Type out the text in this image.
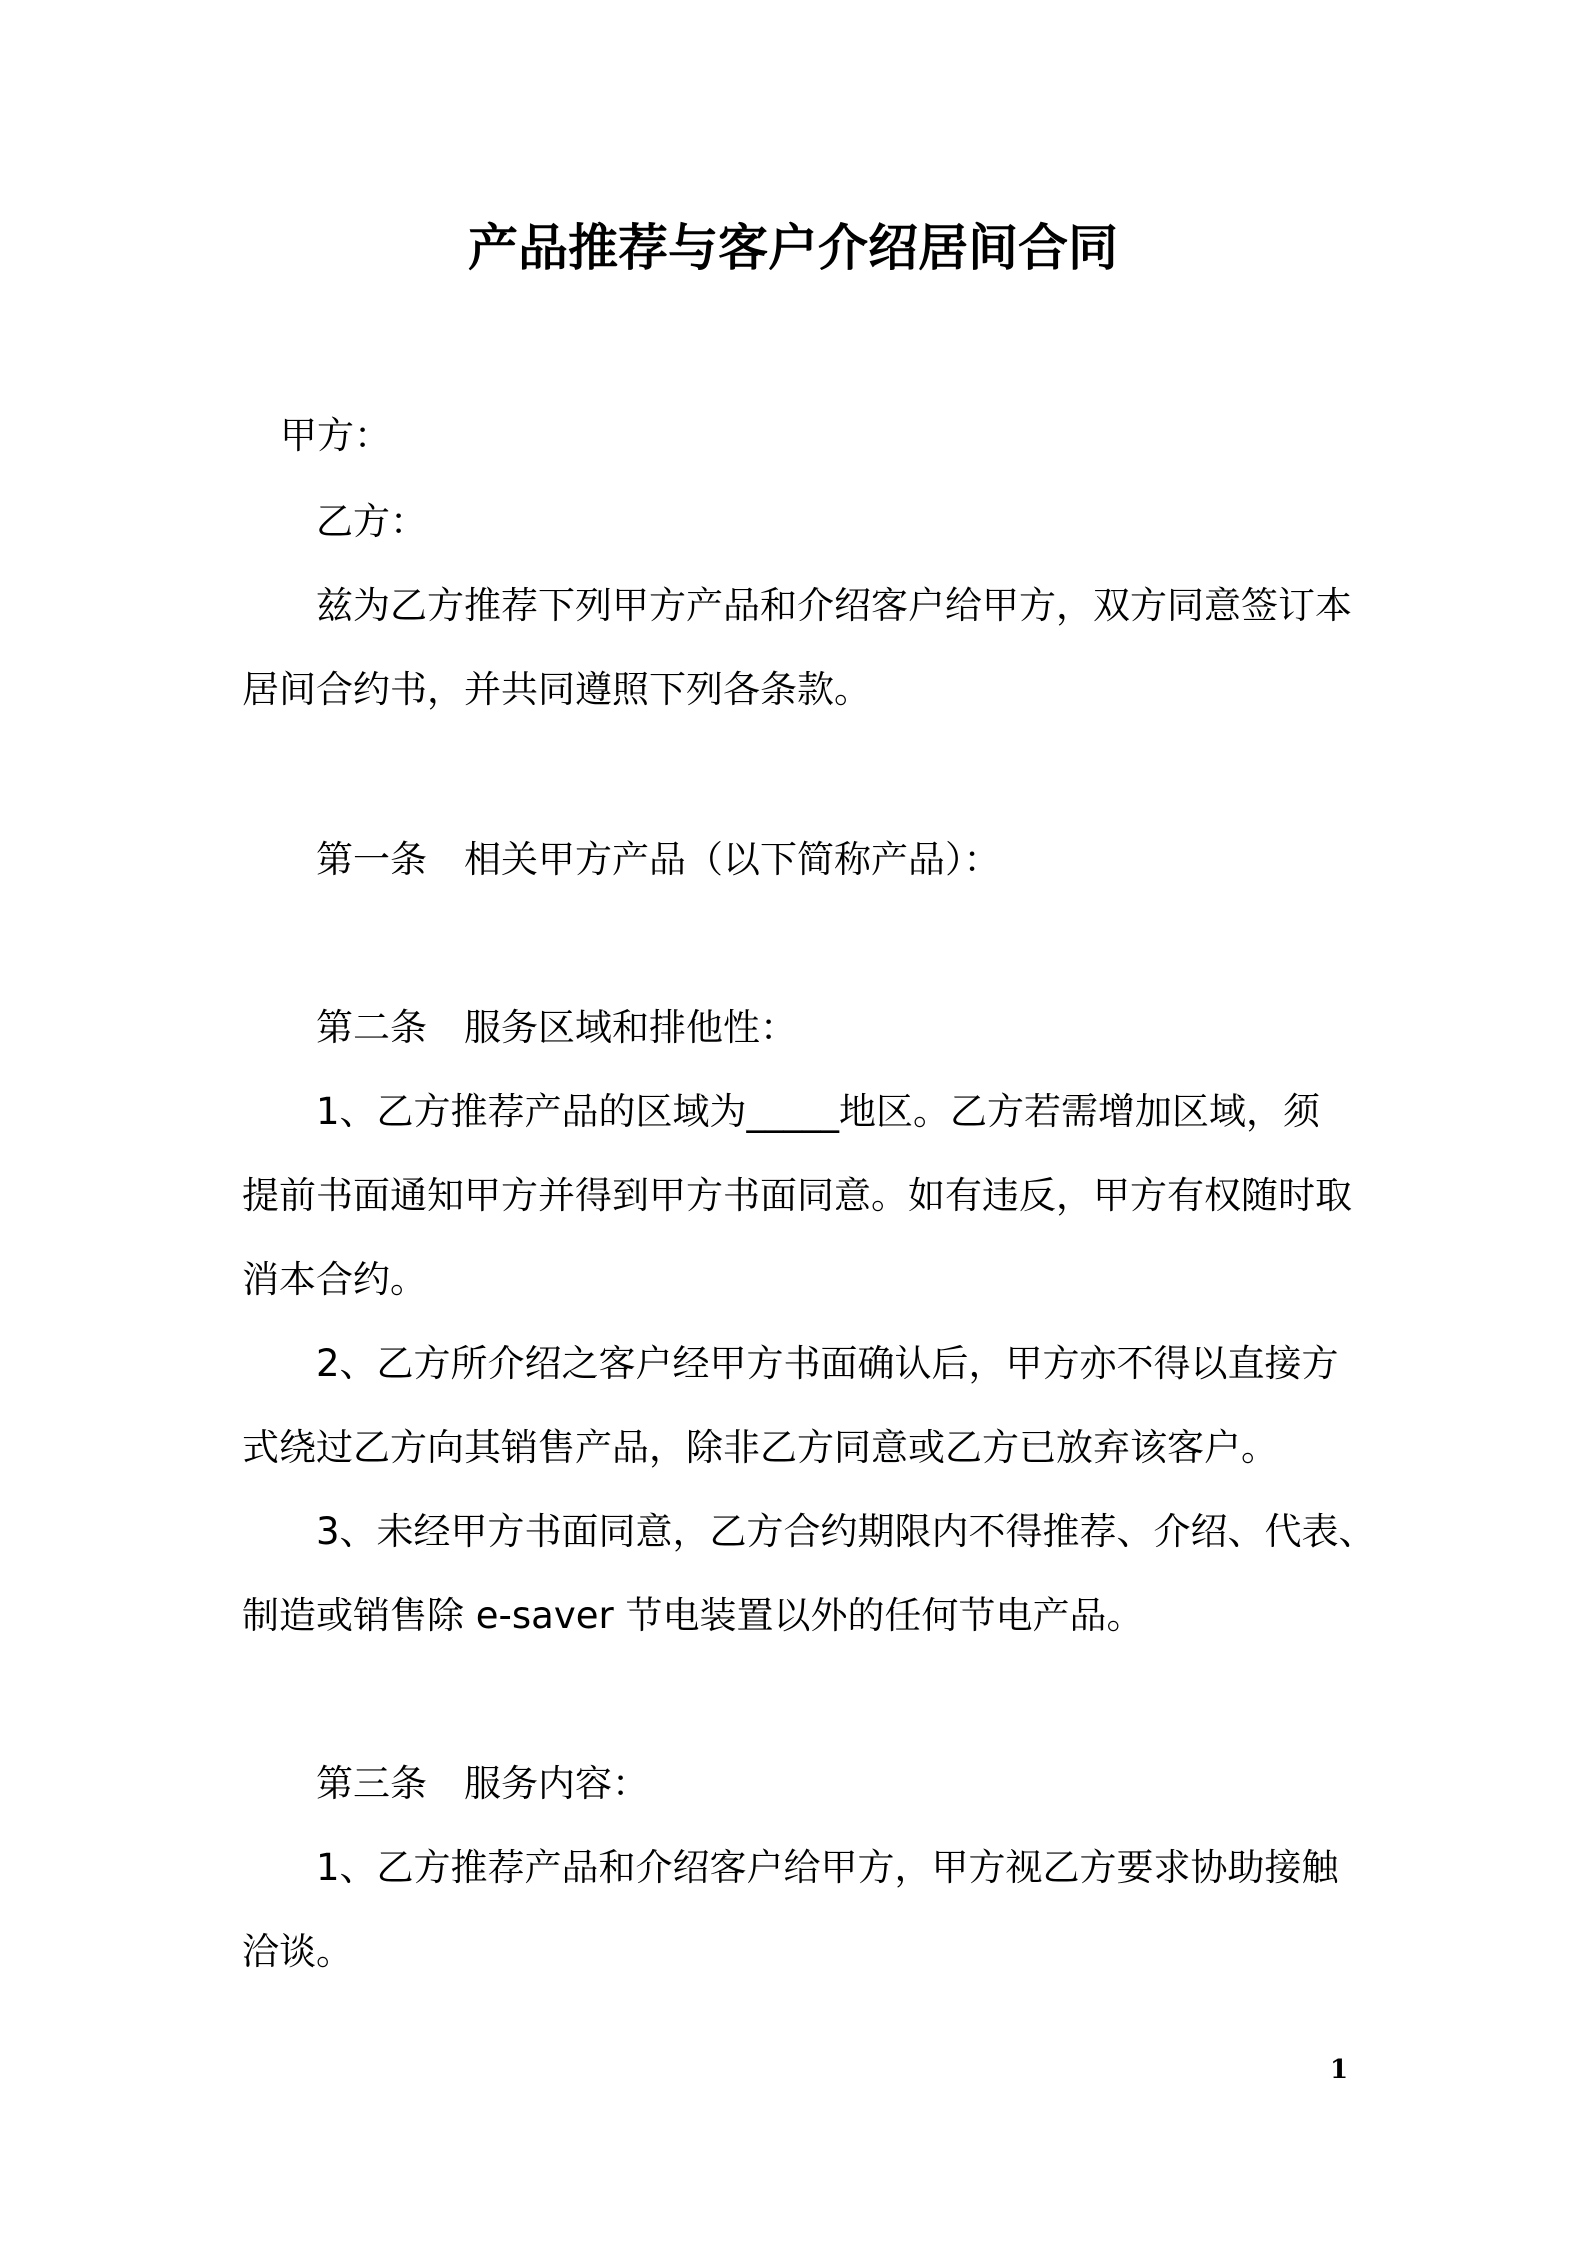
产品推荐与客户介绍居间合同
甲方：
乙方：
兹为乙方推荐下列甲方产品和介绍客户给甲方，双方同意签订本
居间合约书，并共同遵照下列各条款。
第一条　相关甲方产品（以下简称产品）：
第二条　服务区域和排他性：
1、乙方推荐产品的区域为_____地区。乙方若需增加区域，须
提前书面通知甲方并得到甲方书面同意。如有违反，甲方有权随时取
消本合约。
2、乙方所介绍之客户经甲方书面确认后，甲方亦不得以直接方
式绕过乙方向其销售产品，除非乙方同意或乙方已放弃该客户。
3、未经甲方书面同意，乙方合约期限内不得推荐、介绍、代表、
制造或销售除 e-saver 节电装置以外的任何节电产品。
第三条　服务内容：
1、乙方推荐产品和介绍客户给甲方，甲方视乙方要求协助接触
洽谈。
1
